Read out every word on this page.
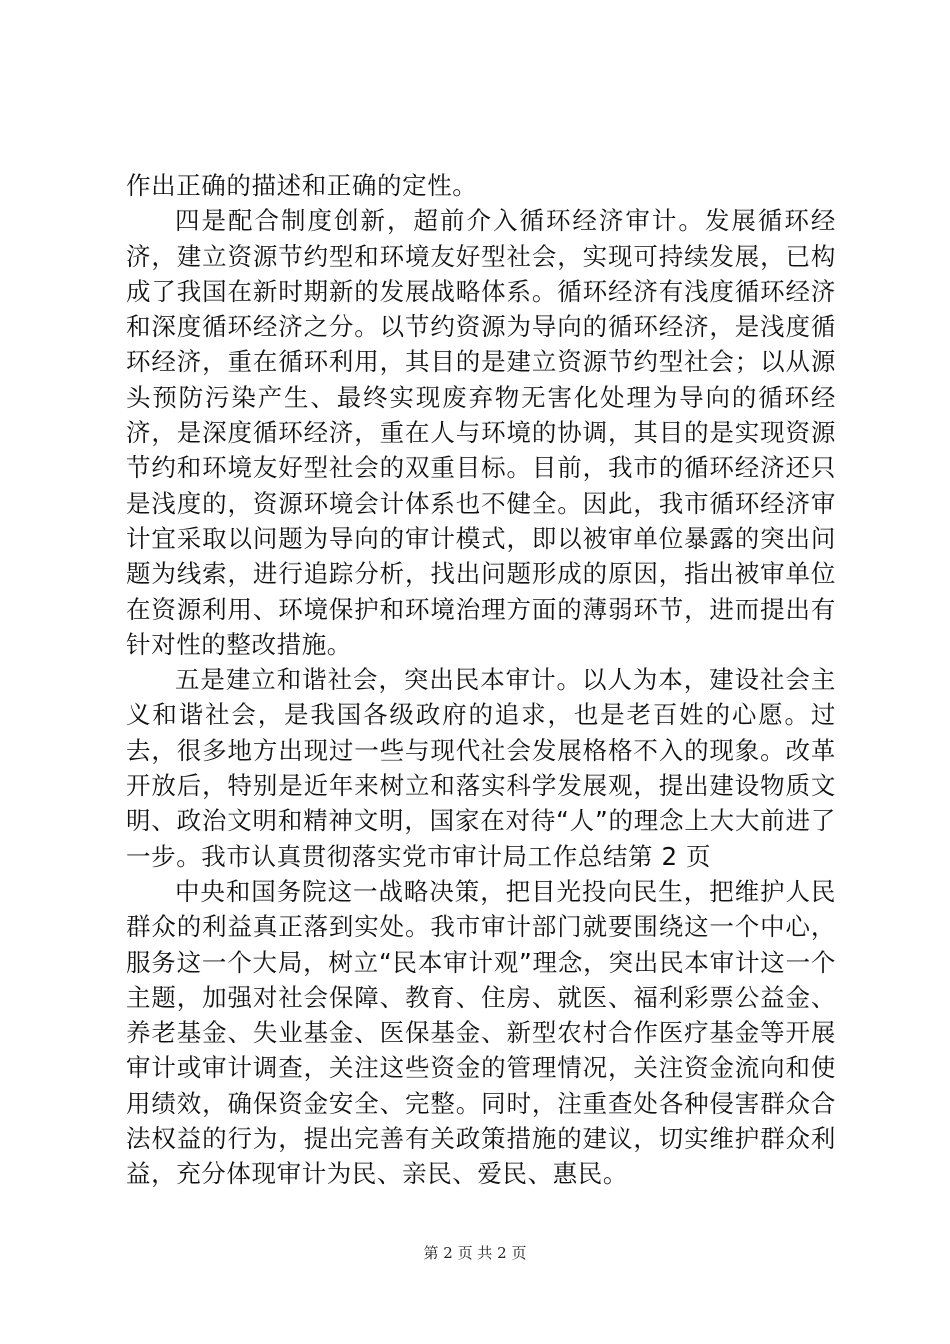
作出正确的描述和正确的定性。

四是配合制度创新，超前介入循环经济审计。发展循环经济，建立资源节约型和环境友好型社会，实现可持续发展，已构成了我国在新时期新的发展战略体系。循环经济有浅度循环经济和深度循环经济之分。以节约资源为导向的循环经济，是浅度循环经济，重在循环利用，其目的是建立资源节约型社会；以从源头预防污染产生、最终实现废弃物无害化处理为导向的循环经济，是深度循环经济，重在人与环境的协调，其目的是实现资源节约和环境友好型社会的双重目标。目前，我市的循环经济还只是浅度的，资源环境会计体系也不健全。因此，我市循环经济审计宜采取以问题为导向的审计模式，即以被审单位暴露的突出问题为线索，进行追踪分析，找出问题形成的原因，指出被审单位在资源利用、环境保护和环境治理方面的薄弱环节，进而提出有针对性的整改措施。

五是建立和谐社会，突出民本审计。以人为本，建设社会主义和谐社会，是我国各级政府的追求，也是老百姓的心愿。过去，很多地方出现过一些与现代社会发展格格不入的现象。改革开放后，特别是近年来树立和落实科学发展观，提出建设物质文明、政治文明和精神文明，国家在对待“人”的理念上大大前进了一步。我市认真贯彻落实党市审计局工作总结第 2 页

中央和国务院这一战略决策，把目光投向民生，把维护人民群众的利益真正落到实处。我市审计部门就要围绕这一个中心，服务这一个大局，树立“民本审计观”理念，突出民本审计这一个主题，加强对社会保障、教育、住房、就医、福利彩票公益金、养老基金、失业基金、医保基金、新型农村合作医疗基金等开展审计或审计调查，关注这些资金的管理情况，关注资金流向和使用绩效，确保资金安全、完整。同时，注重查处各种侵害群众合法权益的行为，提出完善有关政策措施的建议，切实维护群众利益，充分体现审计为民、亲民、爱民、惠民。

第 2 页 共 2 页
